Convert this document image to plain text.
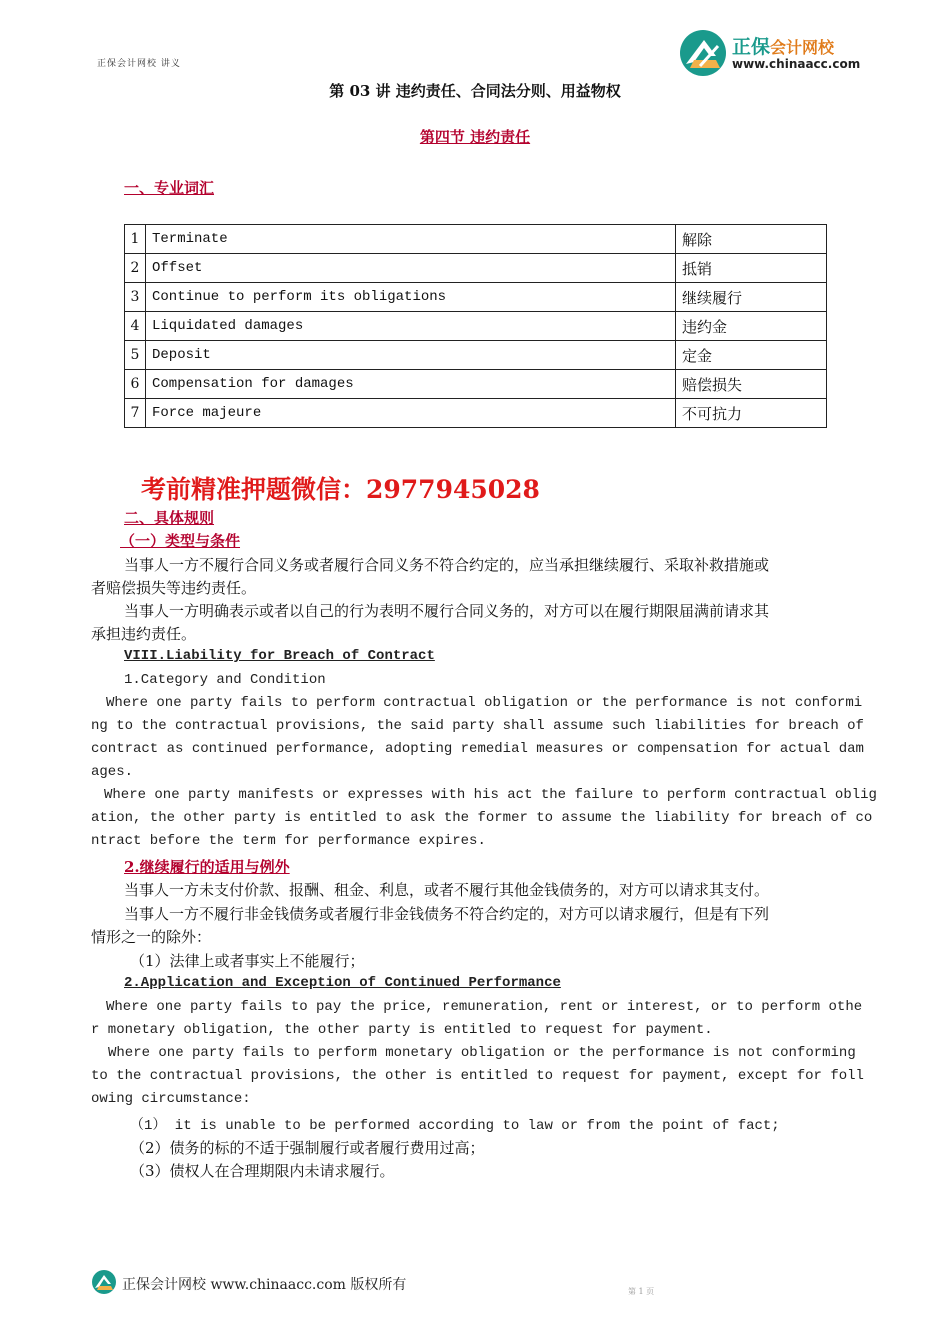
正保会计网校 讲义
正保会计网校
www.chinaacc.com
第 03 讲 违约责任、合同法分则、用益物权
第四节 违约责任
一、专业词汇
1	Terminate	解除
2	Offset	抵销
3	Continue to perform its obligations	继续履行
4	Liquidated damages	违约金
5	Deposit	定金
6	Compensation for damages	赔偿损失
7	Force majeure	不可抗力
考前精准押题微信：2977945028
二、具体规则
（一）类型与条件
当事人一方不履行合同义务或者履行合同义务不符合约定的，应当承担继续履行、采取补救措施或
者赔偿损失等违约责任。
当事人一方明确表示或者以自己的行为表明不履行合同义务的，对方可以在履行期限届满前请求其
承担违约责任。
VIII.Liability for Breach of Contract
1.Category and Condition
Where one party fails to perform contractual obligation or the performance is not conformi
ng to the contractual provisions, the said party shall assume such liabilities for breach of
contract as continued performance, adopting remedial measures or compensation for actual dam
ages.
Where one party manifests or expresses with his act the failure to perform contractual oblig
ation, the other party is entitled to ask the former to assume the liability for breach of co
ntract before the term for performance expires.
2.继续履行的适用与例外
当事人一方未支付价款、报酬、租金、利息，或者不履行其他金钱债务的，对方可以请求其支付。
当事人一方不履行非金钱债务或者履行非金钱债务不符合约定的，对方可以请求履行，但是有下列
情形之一的除外：
（1）法律上或者事实上不能履行；
2.Application and Exception of Continued Performance
Where one party fails to pay the price, remuneration, rent or interest, or to perform othe
r monetary obligation, the other party is entitled to request for payment.
Where one party fails to perform monetary obligation or the performance is not conforming
to the contractual provisions, the other is entitled to request for payment, except for foll
owing circumstance:
（1） it is unable to be performed according to law or from the point of fact;
（2）债务的标的不适于强制履行或者履行费用过高；
（3）债权人在合理期限内未请求履行。
正保会计网校 www.chinaacc.com 版权所有	第 1 页
